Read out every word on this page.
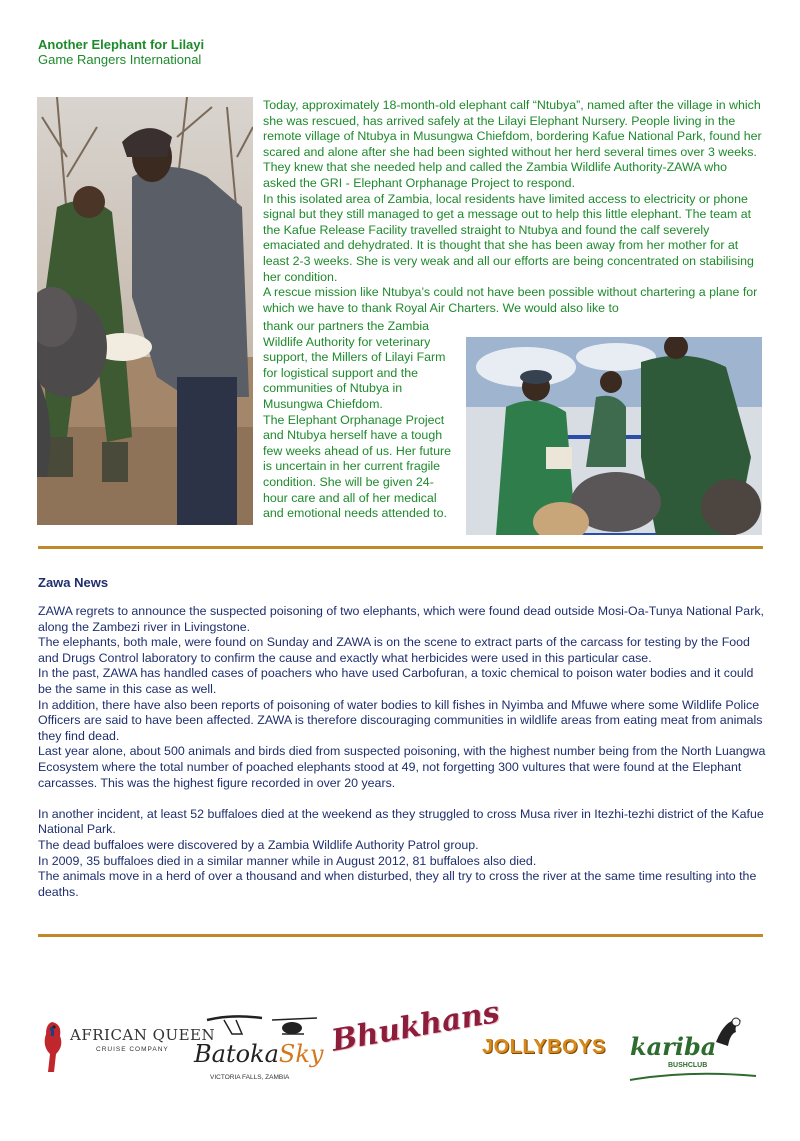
Another Elephant for Lilayi
Game Rangers International

Today, approximately 18-month-old elephant calf “Ntubya”, named after the village in which she was rescued, has arrived safely at the Lilayi Elephant Nursery. People living in the remote village of Ntubya in Musungwa Chiefdom, bordering Kafue National Park, found her scared and alone after she had been sighted without her herd several times over 3 weeks. They knew that she needed help and called the Zambia Wildlife Authority-ZAWA who asked the GRI - Elephant Orphanage Project to respond.

In this isolated area of Zambia, local residents have limited access to electricity or phone signal but they still managed to get a message out to help this little elephant. The team at the Kafue Release Facility travelled straight to Ntubya and found the calf severely emaciated and dehydrated. It is thought that she has been away from her mother for at least 2-3 weeks. She is very weak and all our efforts are being concentrated on stabilising her condition.

A rescue mission like Ntubya’s could not have been possible without chartering a plane for which we have to thank Royal Air Charters. We would also like to

thank our partners the Zambia Wildlife Authority for veterinary support, the Millers of Lilayi Farm for logistical support and the communities of Ntubya in Musungwa Chiefdom.

The Elephant Orphanage Project and Ntubya herself have a tough few weeks ahead of us. Her future is uncertain in her current fragile condition. She will be given 24-hour care and all of her medical and emotional needs attended to.

Zawa News

ZAWA regrets to announce the suspected poisoning of two elephants, which were found dead outside Mosi-Oa-Tunya National Park, along the Zambezi river in Livingstone.

The elephants, both male, were found on Sunday and ZAWA is on the scene to extract parts of the carcass for testing by the Food and Drugs Control laboratory to confirm the cause and exactly what herbicides were used in this particular case.

In the past, ZAWA has handled cases of poachers who have used Carbofuran, a toxic chemical to poison water bodies and it could be the same in this case as well.

In addition, there have also been reports of poisoning of water bodies to kill fishes in Nyimba and Mfuwe where some Wildlife Police Officers are said to have been affected. ZAWA is therefore discouraging communities in wildlife areas from eating meat from animals they find dead.

Last year alone, about 500 animals and birds died from suspected poisoning, with the highest number being from the North Luangwa Ecosystem where the total number of poached elephants stood at 49, not forgetting 300 vultures that were found at the Elephant carcasses. This was the highest figure recorded in over 20 years.

In another incident, at least 52 buffaloes died at the weekend as they struggled to cross Musa river in Itezhi-tezhi district of the Kafue National Park.

The dead buffaloes were discovered by a Zambia Wildlife Authority Patrol group.

In 2009, 35 buffaloes died in a similar manner while in August 2012, 81 buffaloes also died.

The animals move in a herd of over a thousand and when disturbed, they all try to cross the river at the same time resulting into the deaths.

AFRICAN QUEEN
CRUISE COMPANY BatokaSky
VICTORIA FALLS, ZAMBIA
Bhukhans
JOLLYBOYS kariba
BUSHCLUB
